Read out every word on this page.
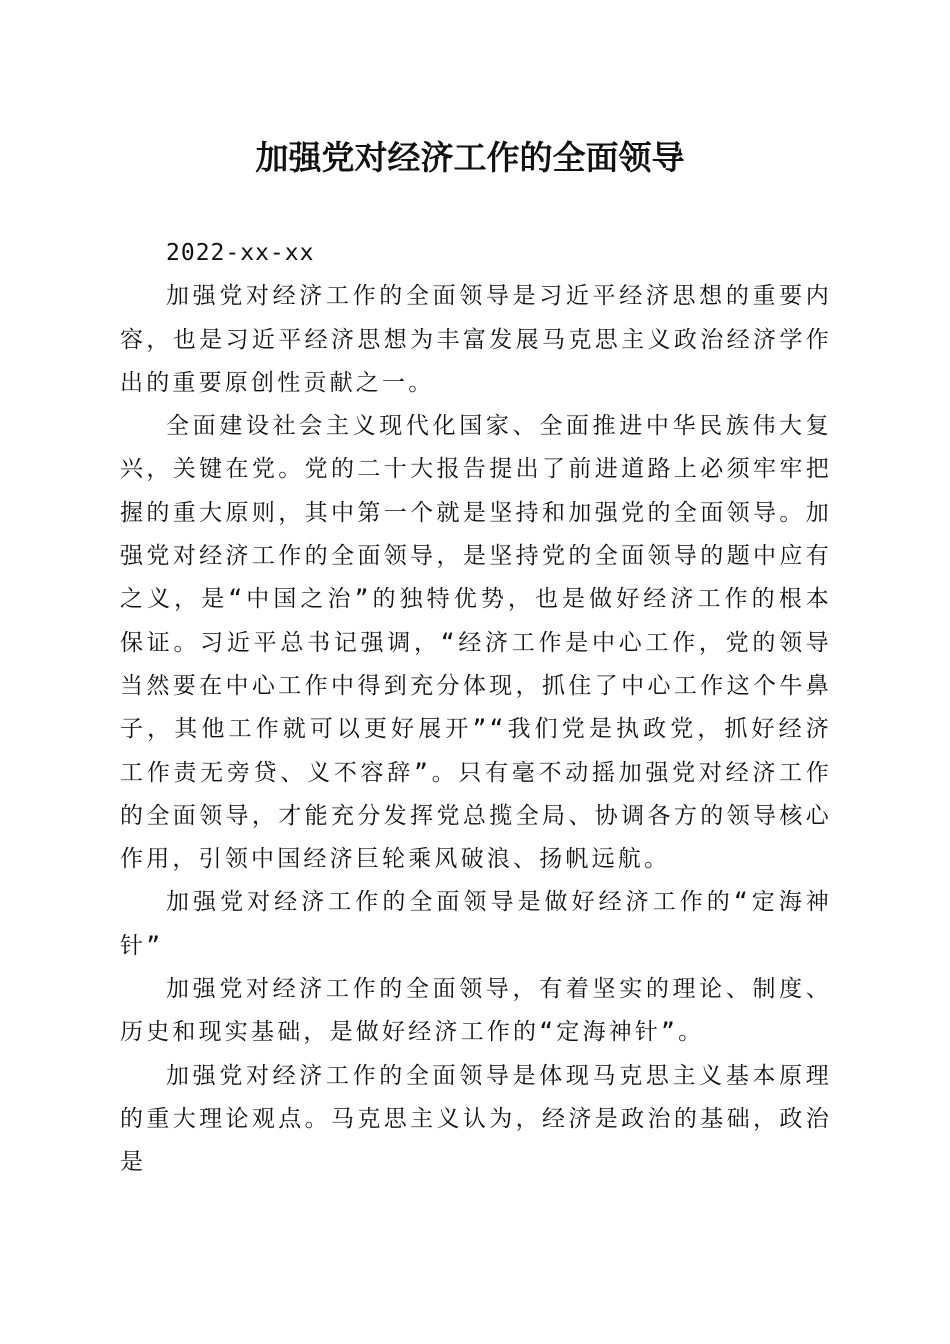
加强党对经济工作的全面领导

2022-xx-xx

加强党对经济工作的全面领导是习近平经济思想的重要内容，也是习近平经济思想为丰富发展马克思主义政治经济学作出的重要原创性贡献之一。

全面建设社会主义现代化国家、全面推进中华民族伟大复兴，关键在党。党的二十大报告提出了前进道路上必须牢牢把握的重大原则，其中第一个就是坚持和加强党的全面领导。加强党对经济工作的全面领导，是坚持党的全面领导的题中应有之义，是“中国之治”的独特优势，也是做好经济工作的根本保证。习近平总书记强调，“经济工作是中心工作，党的领导当然要在中心工作中得到充分体现，抓住了中心工作这个牛鼻子，其他工作就可以更好展开”“我们党是执政党，抓好经济工作责无旁贷、义不容辞”。只有毫不动摇加强党对经济工作的全面领导，才能充分发挥党总揽全局、协调各方的领导核心作用，引领中国经济巨轮乘风破浪、扬帆远航。

加强党对经济工作的全面领导是做好经济工作的“定海神针”

加强党对经济工作的全面领导，有着坚实的理论、制度、历史和现实基础，是做好经济工作的“定海神针”。

加强党对经济工作的全面领导是体现马克思主义基本原理的重大理论观点。马克思主义认为，经济是政治的基础，政治是
